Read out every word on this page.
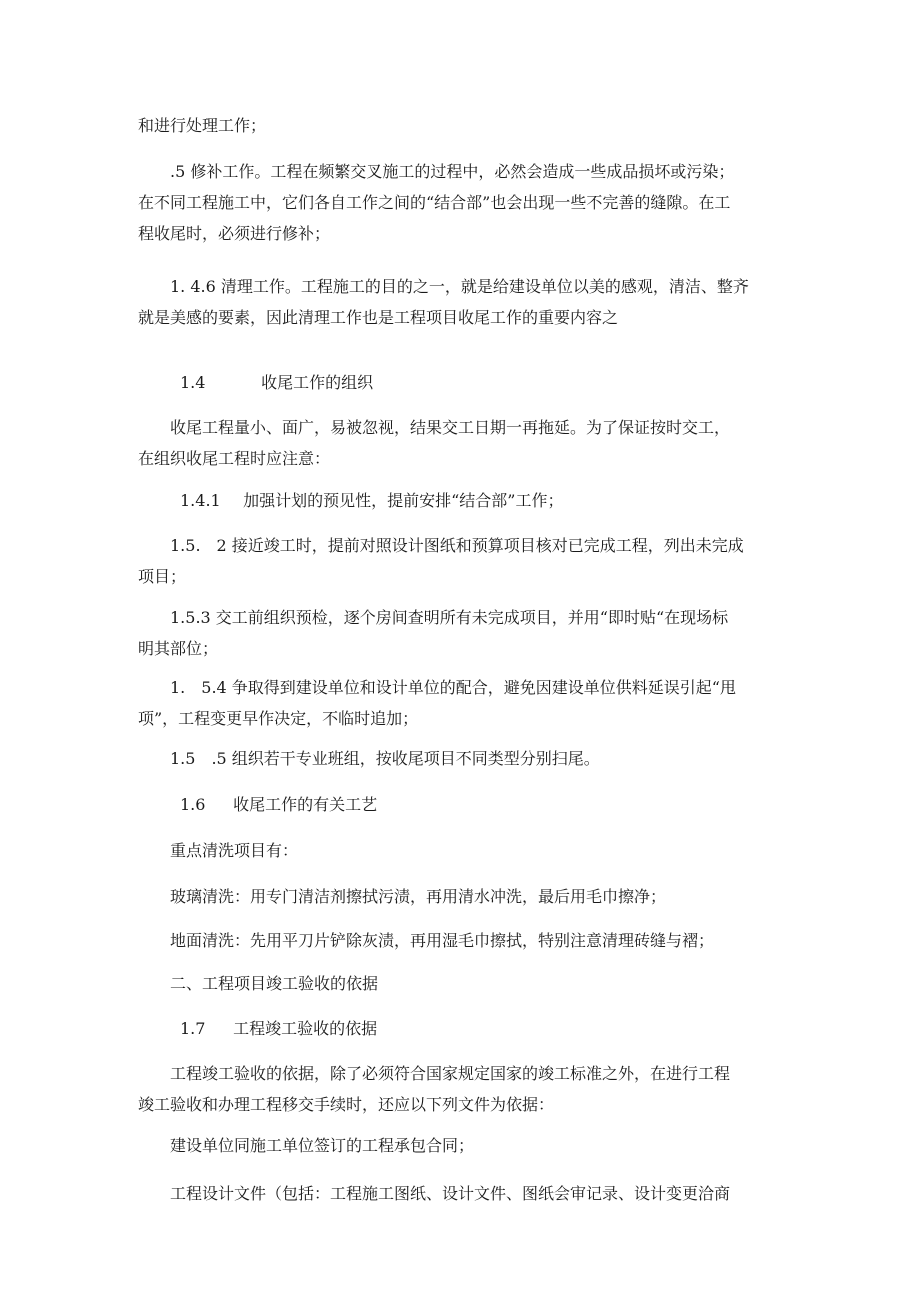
和进行处理工作；

　　.5 修补工作。工程在频繁交叉施工的过程中，必然会造成一些成品损坏或污染；
在不同工程施工中，它们各自工作之间的“结合部”也会出现一些不完善的缝隙。在工
程收尾时，必须进行修补；

　　1. 4.6 清理工作。工程施工的目的之一，就是给建设单位以美的感观，清洁、整齐
就是美感的要素，因此清理工作也是工程项目收尾工作的重要内容之

1.4	收尾工作的组织

　　收尾工程量小、面广，易被忽视，结果交工日期一再拖延。为了保证按时交工，
在组织收尾工程时应注意：

1.4.1 加强计划的预见性，提前安排“结合部”工作；

　　1.5.　2 接近竣工时，提前对照设计图纸和预算项目核对已完成工程，列出未完成
项目；

　　1.5.3 交工前组织预检，逐个房间查明所有未完成项目，并用“即时贴“在现场标
明其部位；

　　1.　5.4 争取得到建设单位和设计单位的配合，避免因建设单位供料延误引起“甩
项”，工程变更早作决定，不临时追加；

　　1.5　.5 组织若干专业班组，按收尾项目不同类型分别扫尾。

1.6 收尾工作的有关工艺

　　重点清洗项目有：

　　玻璃清洗：用专门清洁剂擦拭污渍，再用清水冲洗，最后用毛巾擦净；

　　地面清洗：先用平刀片铲除灰渍，再用湿毛巾擦拭，特别注意清理砖缝与褶；

　　二、工程项目竣工验收的依据

1.7 工程竣工验收的依据

　　工程竣工验收的依据，除了必须符合国家规定国家的竣工标准之外，在进行工程
竣工验收和办理工程移交手续时，还应以下列文件为依据：

　　建设单位同施工单位签订的工程承包合同；

　　工程设计文件（包括：工程施工图纸、设计文件、图纸会审记录、设计变更洽商
